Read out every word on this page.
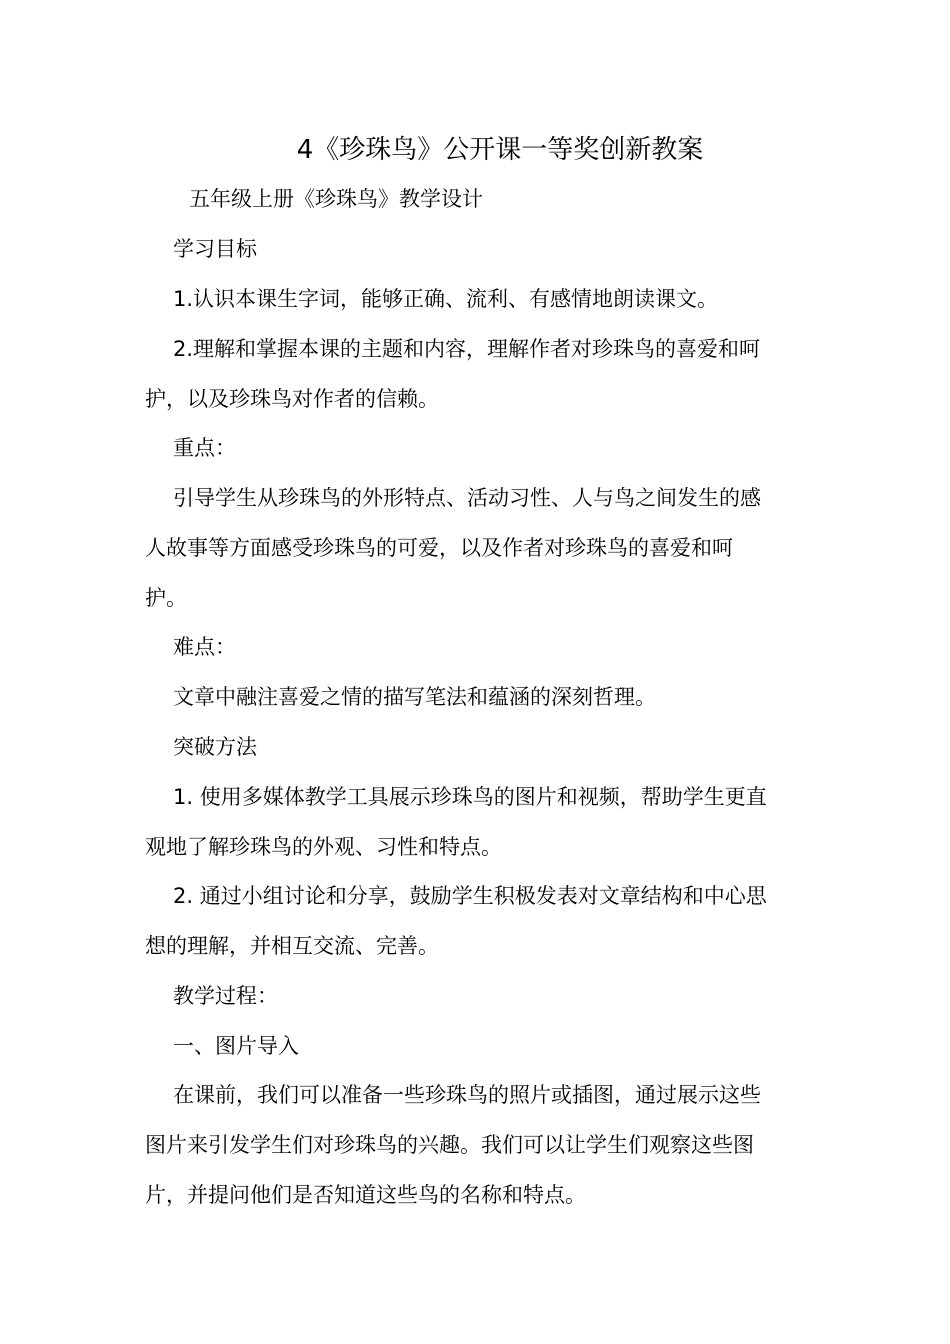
4《珍珠鸟》公开课一等奖创新教案
五年级上册《珍珠鸟》教学设计
学习目标
1.认识本课生字词，能够正确、流利、有感情地朗读课文。
2.理解和掌握本课的主题和内容，理解作者对珍珠鸟的喜爱和呵
护，以及珍珠鸟对作者的信赖。
重点：
引导学生从珍珠鸟的外形特点、活动习性、人与鸟之间发生的感
人故事等方面感受珍珠鸟的可爱，以及作者对珍珠鸟的喜爱和呵
护。
难点：
文章中融注喜爱之情的描写笔法和蕴涵的深刻哲理。
突破方法
1. 使用多媒体教学工具展示珍珠鸟的图片和视频，帮助学生更直
观地了解珍珠鸟的外观、习性和特点。
2. 通过小组讨论和分享，鼓励学生积极发表对文章结构和中心思
想的理解，并相互交流、完善。
教学过程：
一、图片导入
在课前，我们可以准备一些珍珠鸟的照片或插图，通过展示这些
图片来引发学生们对珍珠鸟的兴趣。我们可以让学生们观察这些图
片，并提问他们是否知道这些鸟的名称和特点。
